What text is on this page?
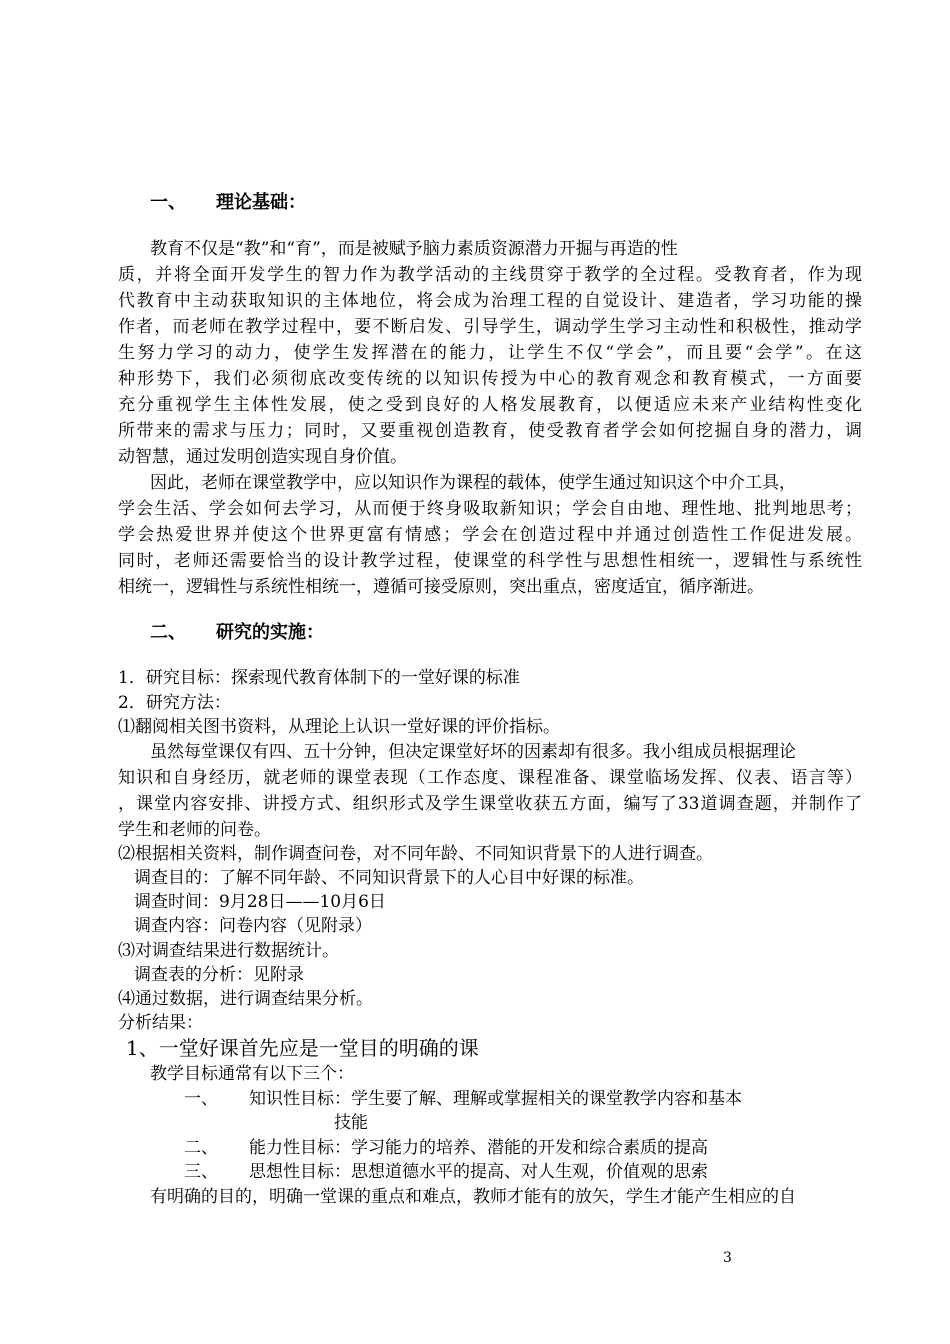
一、 理论基础：
教育不仅是“教”和“育”，而是被赋予脑力素质资源潜力开掘与再造的性
质，并将全面开发学生的智力作为教学活动的主线贯穿于教学的全过程。受教育者，作为现
代教育中主动获取知识的主体地位，将会成为治理工程的自觉设计、建造者，学习功能的操
作者，而老师在教学过程中，要不断启发、引导学生，调动学生学习主动性和积极性，推动学
生努力学习的动力，使学生发挥潜在的能力，让学生不仅“学会”，而且要“会学”。在这
种形势下，我们必须彻底改变传统的以知识传授为中心的教育观念和教育模式，一方面要
充分重视学生主体性发展，使之受到良好的人格发展教育，以便适应未来产业结构性变化
所带来的需求与压力；同时，又要重视创造教育，使受教育者学会如何挖掘自身的潜力，调
动智慧，通过发明创造实现自身价值。
因此，老师在课堂教学中，应以知识作为课程的载体，使学生通过知识这个中介工具，
学会生活、学会如何去学习，从而便于终身吸取新知识；学会自由地、理性地、批判地思考；
学会热爱世界并使这个世界更富有情感；学会在创造过程中并通过创造性工作促进发展。
同时，老师还需要恰当的设计教学过程，使课堂的科学性与思想性相统一，逻辑性与系统性
相统一，逻辑性与系统性相统一，遵循可接受原则，突出重点，密度适宜，循序渐进。
二、 研究的实施：
1．研究目标：探索现代教育体制下的一堂好课的标准
2．研究方法：
⑴翻阅相关图书资料，从理论上认识一堂好课的评价指标。
虽然每堂课仅有四、五十分钟，但决定课堂好坏的因素却有很多。我小组成员根据理论
知识和自身经历，就老师的课堂表现（工作态度、课程准备、课堂临场发挥、仪表、语言等）
，课堂内容安排、讲授方式、组织形式及学生课堂收获五方面，编写了33道调查题，并制作了
学生和老师的问卷。
⑵根据相关资料，制作调查问卷，对不同年龄、不同知识背景下的人进行调查。
调查目的：了解不同年龄、不同知识背景下的人心目中好课的标准。
调查时间：9月28日——10月6日
调查内容：问卷内容（见附录）
⑶对调查结果进行数据统计。
调查表的分析：见附录
⑷通过数据，进行调查结果分析。
分析结果：
1、一堂好课首先应是一堂目的明确的课
教学目标通常有以下三个：
一、 知识性目标：学生要了解、理解或掌握相关的课堂教学内容和基本
技能
二、 能力性目标：学习能力的培养、潜能的开发和综合素质的提高
三、 思想性目标：思想道德水平的提高、对人生观，价值观的思索
有明确的目的，明确一堂课的重点和难点，教师才能有的放矢，学生才能产生相应的自
3
